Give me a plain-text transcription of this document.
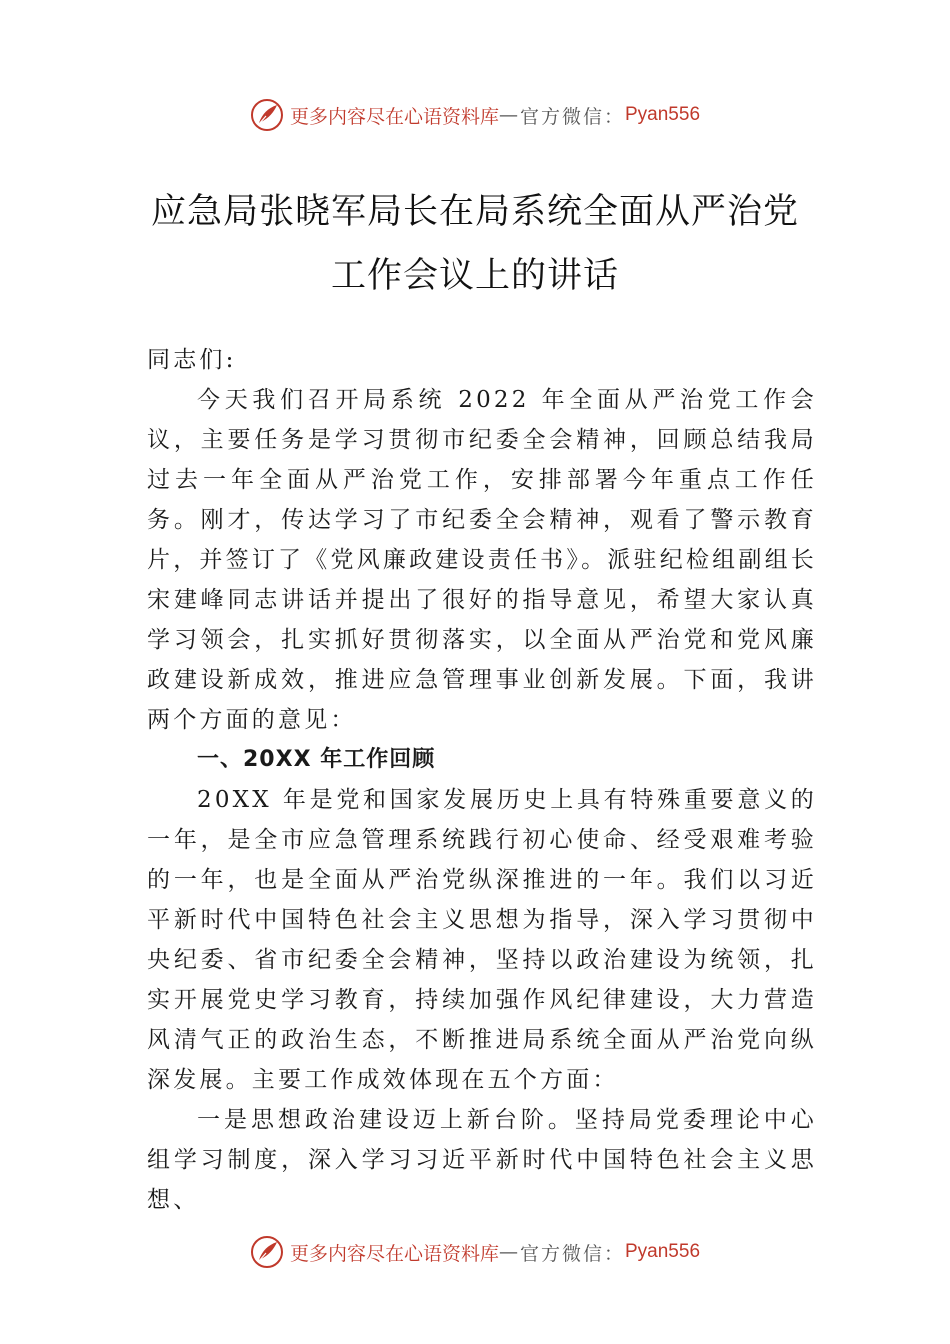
更多内容尽在心语资料库 — 官方微信： Pyan556
应急局张晓军局长在局系统全面从严治党
工作会议上的讲话

同志们:

今天我们召开局系统 2022 年全面从严治党工作会议，主要任务是学习贯彻市纪委全会精神，回顾总结我局过去一年全面从严治党工作，安排部署今年重点工作任务。刚才，传达学习了市纪委全会精神，观看了警示教育片，并签订了《党风廉政建设责任书》。派驻纪检组副组长宋建峰同志讲话并提出了很好的指导意见，希望大家认真学习领会，扎实抓好贯彻落实，以全面从严治党和党风廉政建设新成效，推进应急管理事业创新发展。下面，我讲两个方面的意见：

一、20XX 年工作回顾

20XX 年是党和国家发展历史上具有特殊重要意义的一年，是全市应急管理系统践行初心使命、经受艰难考验的一年，也是全面从严治党纵深推进的一年。我们以习近平新时代中国特色社会主义思想为指导，深入学习贯彻中央纪委、省市纪委全会精神，坚持以政治建设为统领，扎实开展党史学习教育，持续加强作风纪律建设，大力营造风清气正的政治生态，不断推进局系统全面从严治党向纵深发展。主要工作成效体现在五个方面：

一是思想政治建设迈上新台阶。坚持局党委理论中心组学习制度，深入学习习近平新时代中国特色社会主义思想、

更多内容尽在心语资料库 — 官方微信： Pyan556
